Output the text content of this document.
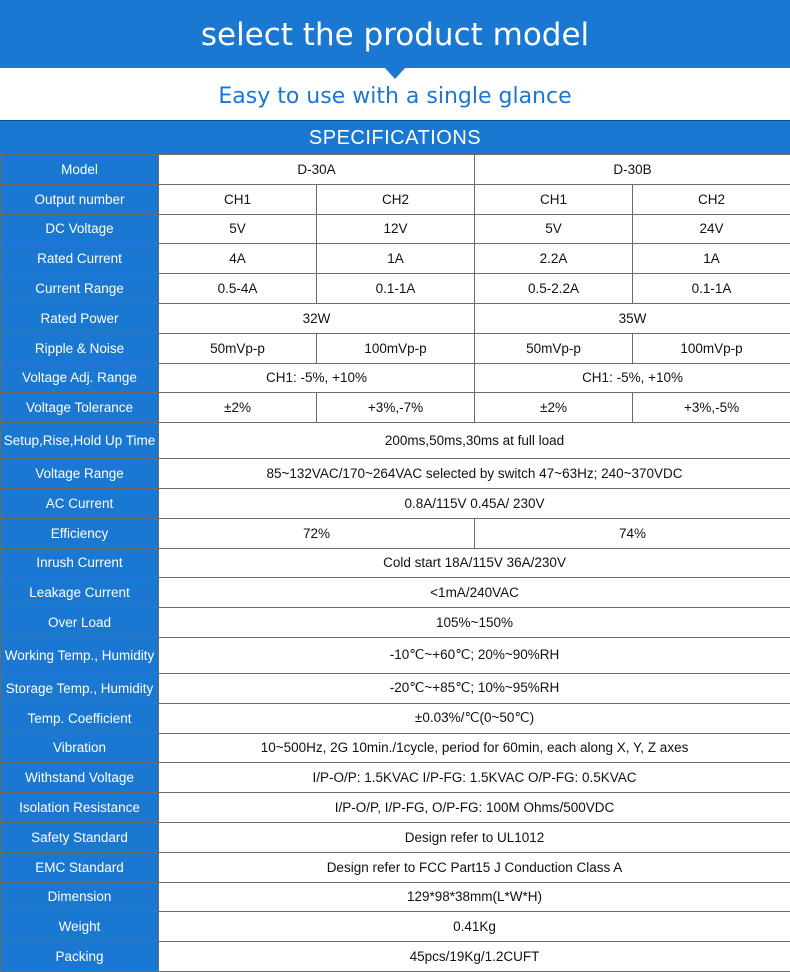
select the product model
Easy to use with a single glance
SPECIFICATIONS
Model	D-30A		D-30B	
Output number	CH1	CH2	CH1	CH2
DC Voltage	5V	12V	5V	24V
Rated Current	4A	1A	2.2A	1A
Current Range	0.5-4A	0.1-1A	0.5-2.2A	0.1-1A
Rated Power	32W		35W	
Ripple & Noise	50mVp-p	100mVp-p	50mVp-p	100mVp-p
Voltage Adj. Range	CH1: -5%, +10%		CH1: -5%, +10%	
Voltage Tolerance	±2%	+3%,-7%	±2%	+3%,-5%
Setup,Rise,Hold Up Time	200ms,50ms,30ms at full load			
Voltage Range	85~132VAC/170~264VAC selected by switch 47~63Hz; 240~370VDC			
AC Current	0.8A/115V 0.45A/ 230V			
Efficiency	72%		74%	
Inrush Current	Cold start 18A/115V 36A/230V			
Leakage Current	<1mA/240VAC			
Over Load	105%~150%			
Working Temp., Humidity	-10℃~+60℃; 20%~90%RH			
Storage Temp., Humidity	-20℃~+85℃; 10%~95%RH			
Temp. Coefficient	±0.03%/℃(0~50℃)			
Vibration	10~500Hz, 2G 10min./1cycle, period for 60min, each along X, Y, Z axes			
Withstand Voltage	I/P-O/P: 1.5KVAC I/P-FG: 1.5KVAC O/P-FG: 0.5KVAC			
Isolation Resistance	I/P-O/P, I/P-FG, O/P-FG: 100M Ohms/500VDC			
Safety Standard	Design refer to UL1012			
EMC Standard	Design refer to FCC Part15 J Conduction Class A			
Dimension	129*98*38mm(L*W*H)			
Weight	0.41Kg			
Packing	45pcs/19Kg/1.2CUFT			
